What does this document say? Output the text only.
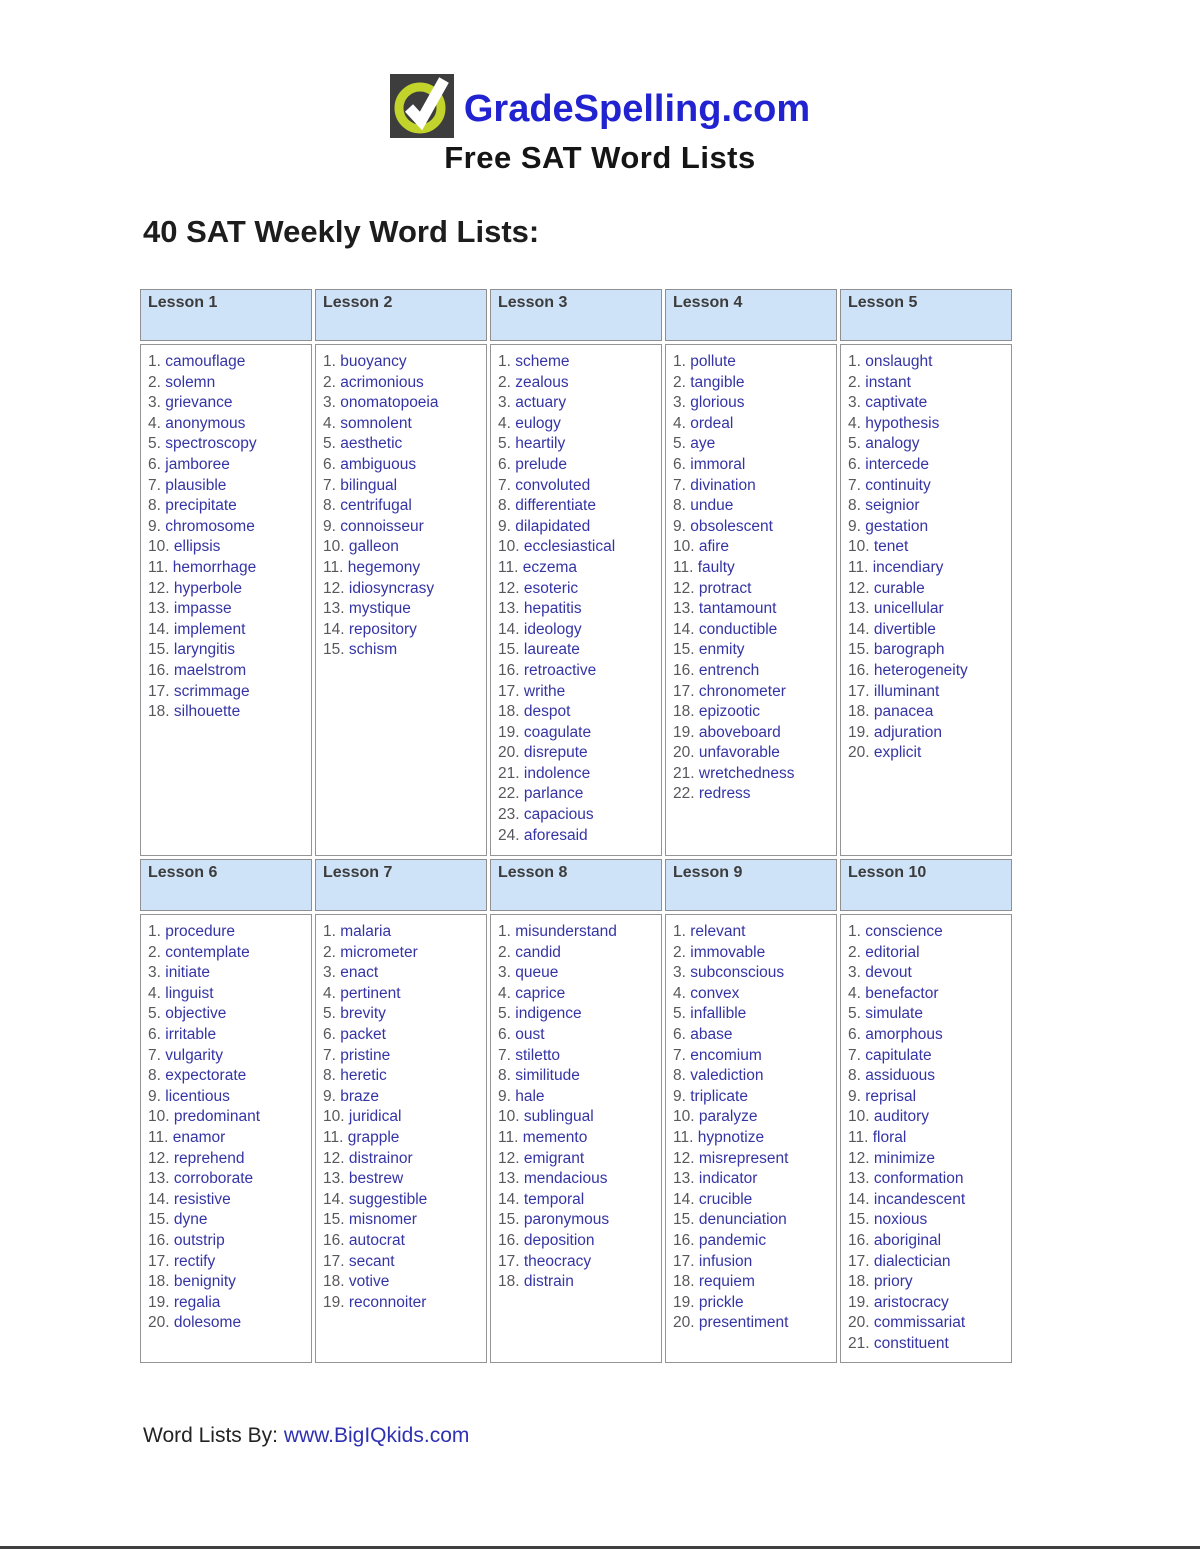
GradeSpelling.com
Free SAT Word Lists
40 SAT Weekly Word Lists:
Lesson 1	Lesson 2	Lesson 3	Lesson 4	Lesson 5

1. camouflage
2. solemn
3. grievance
4. anonymous
5. spectroscopy
6. jamboree
7. plausible
8. precipitate
9. chromosome
10. ellipsis
11. hemorrhage
12. hyperbole
13. impasse
14. implement
15. laryngitis
16. maelstrom
17. scrimmage
18. silhouette

1. buoyancy
2. acrimonious
3. onomatopoeia
4. somnolent
5. aesthetic
6. ambiguous
7. bilingual
8. centrifugal
9. connoisseur
10. galleon
11. hegemony
12. idiosyncrasy
13. mystique
14. repository
15. schism

1. scheme
2. zealous
3. actuary
4. eulogy
5. heartily
6. prelude
7. convoluted
8. differentiate
9. dilapidated
10. ecclesiastical
11. eczema
12. esoteric
13. hepatitis
14. ideology
15. laureate
16. retroactive
17. writhe
18. despot
19. coagulate
20. disrepute
21. indolence
22. parlance
23. capacious
24. aforesaid

1. pollute
2. tangible
3. glorious
4. ordeal
5. aye
6. immoral
7. divination
8. undue
9. obsolescent
10. afire
11. faulty
12. protract
13. tantamount
14. conductible
15. enmity
16. entrench
17. chronometer
18. epizootic
19. aboveboard
20. unfavorable
21. wretchedness
22. redress

1. onslaught
2. instant
3. captivate
4. hypothesis
5. analogy
6. intercede
7. continuity
8. seignior
9. gestation
10. tenet
11. incendiary
12. curable
13. unicellular
14. divertible
15. barograph
16. heterogeneity
17. illuminant
18. panacea
19. adjuration
20. explicit

Lesson 6	Lesson 7	Lesson 8	Lesson 9	Lesson 10

1. procedure
2. contemplate
3. initiate
4. linguist
5. objective
6. irritable
7. vulgarity
8. expectorate
9. licentious
10. predominant
11. enamor
12. reprehend
13. corroborate
14. resistive
15. dyne
16. outstrip
17. rectify
18. benignity
19. regalia
20. dolesome

1. malaria
2. micrometer
3. enact
4. pertinent
5. brevity
6. packet
7. pristine
8. heretic
9. braze
10. juridical
11. grapple
12. distrainor
13. bestrew
14. suggestible
15. misnomer
16. autocrat
17. secant
18. votive
19. reconnoiter

1. misunderstand
2. candid
3. queue
4. caprice
5. indigence
6. oust
7. stiletto
8. similitude
9. hale
10. sublingual
11. memento
12. emigrant
13. mendacious
14. temporal
15. paronymous
16. deposition
17. theocracy
18. distrain

1. relevant
2. immovable
3. subconscious
4. convex
5. infallible
6. abase
7. encomium
8. valediction
9. triplicate
10. paralyze
11. hypnotize
12. misrepresent
13. indicator
14. crucible
15. denunciation
16. pandemic
17. infusion
18. requiem
19. prickle
20. presentiment

1. conscience
2. editorial
3. devout
4. benefactor
5. simulate
6. amorphous
7. capitulate
8. assiduous
9. reprisal
10. auditory
11. floral
12. minimize
13. conformation
14. incandescent
15. noxious
16. aboriginal
17. dialectician
18. priory
19. aristocracy
20. commissariat
21. constituent
Word Lists By: www.BigIQkids.com
